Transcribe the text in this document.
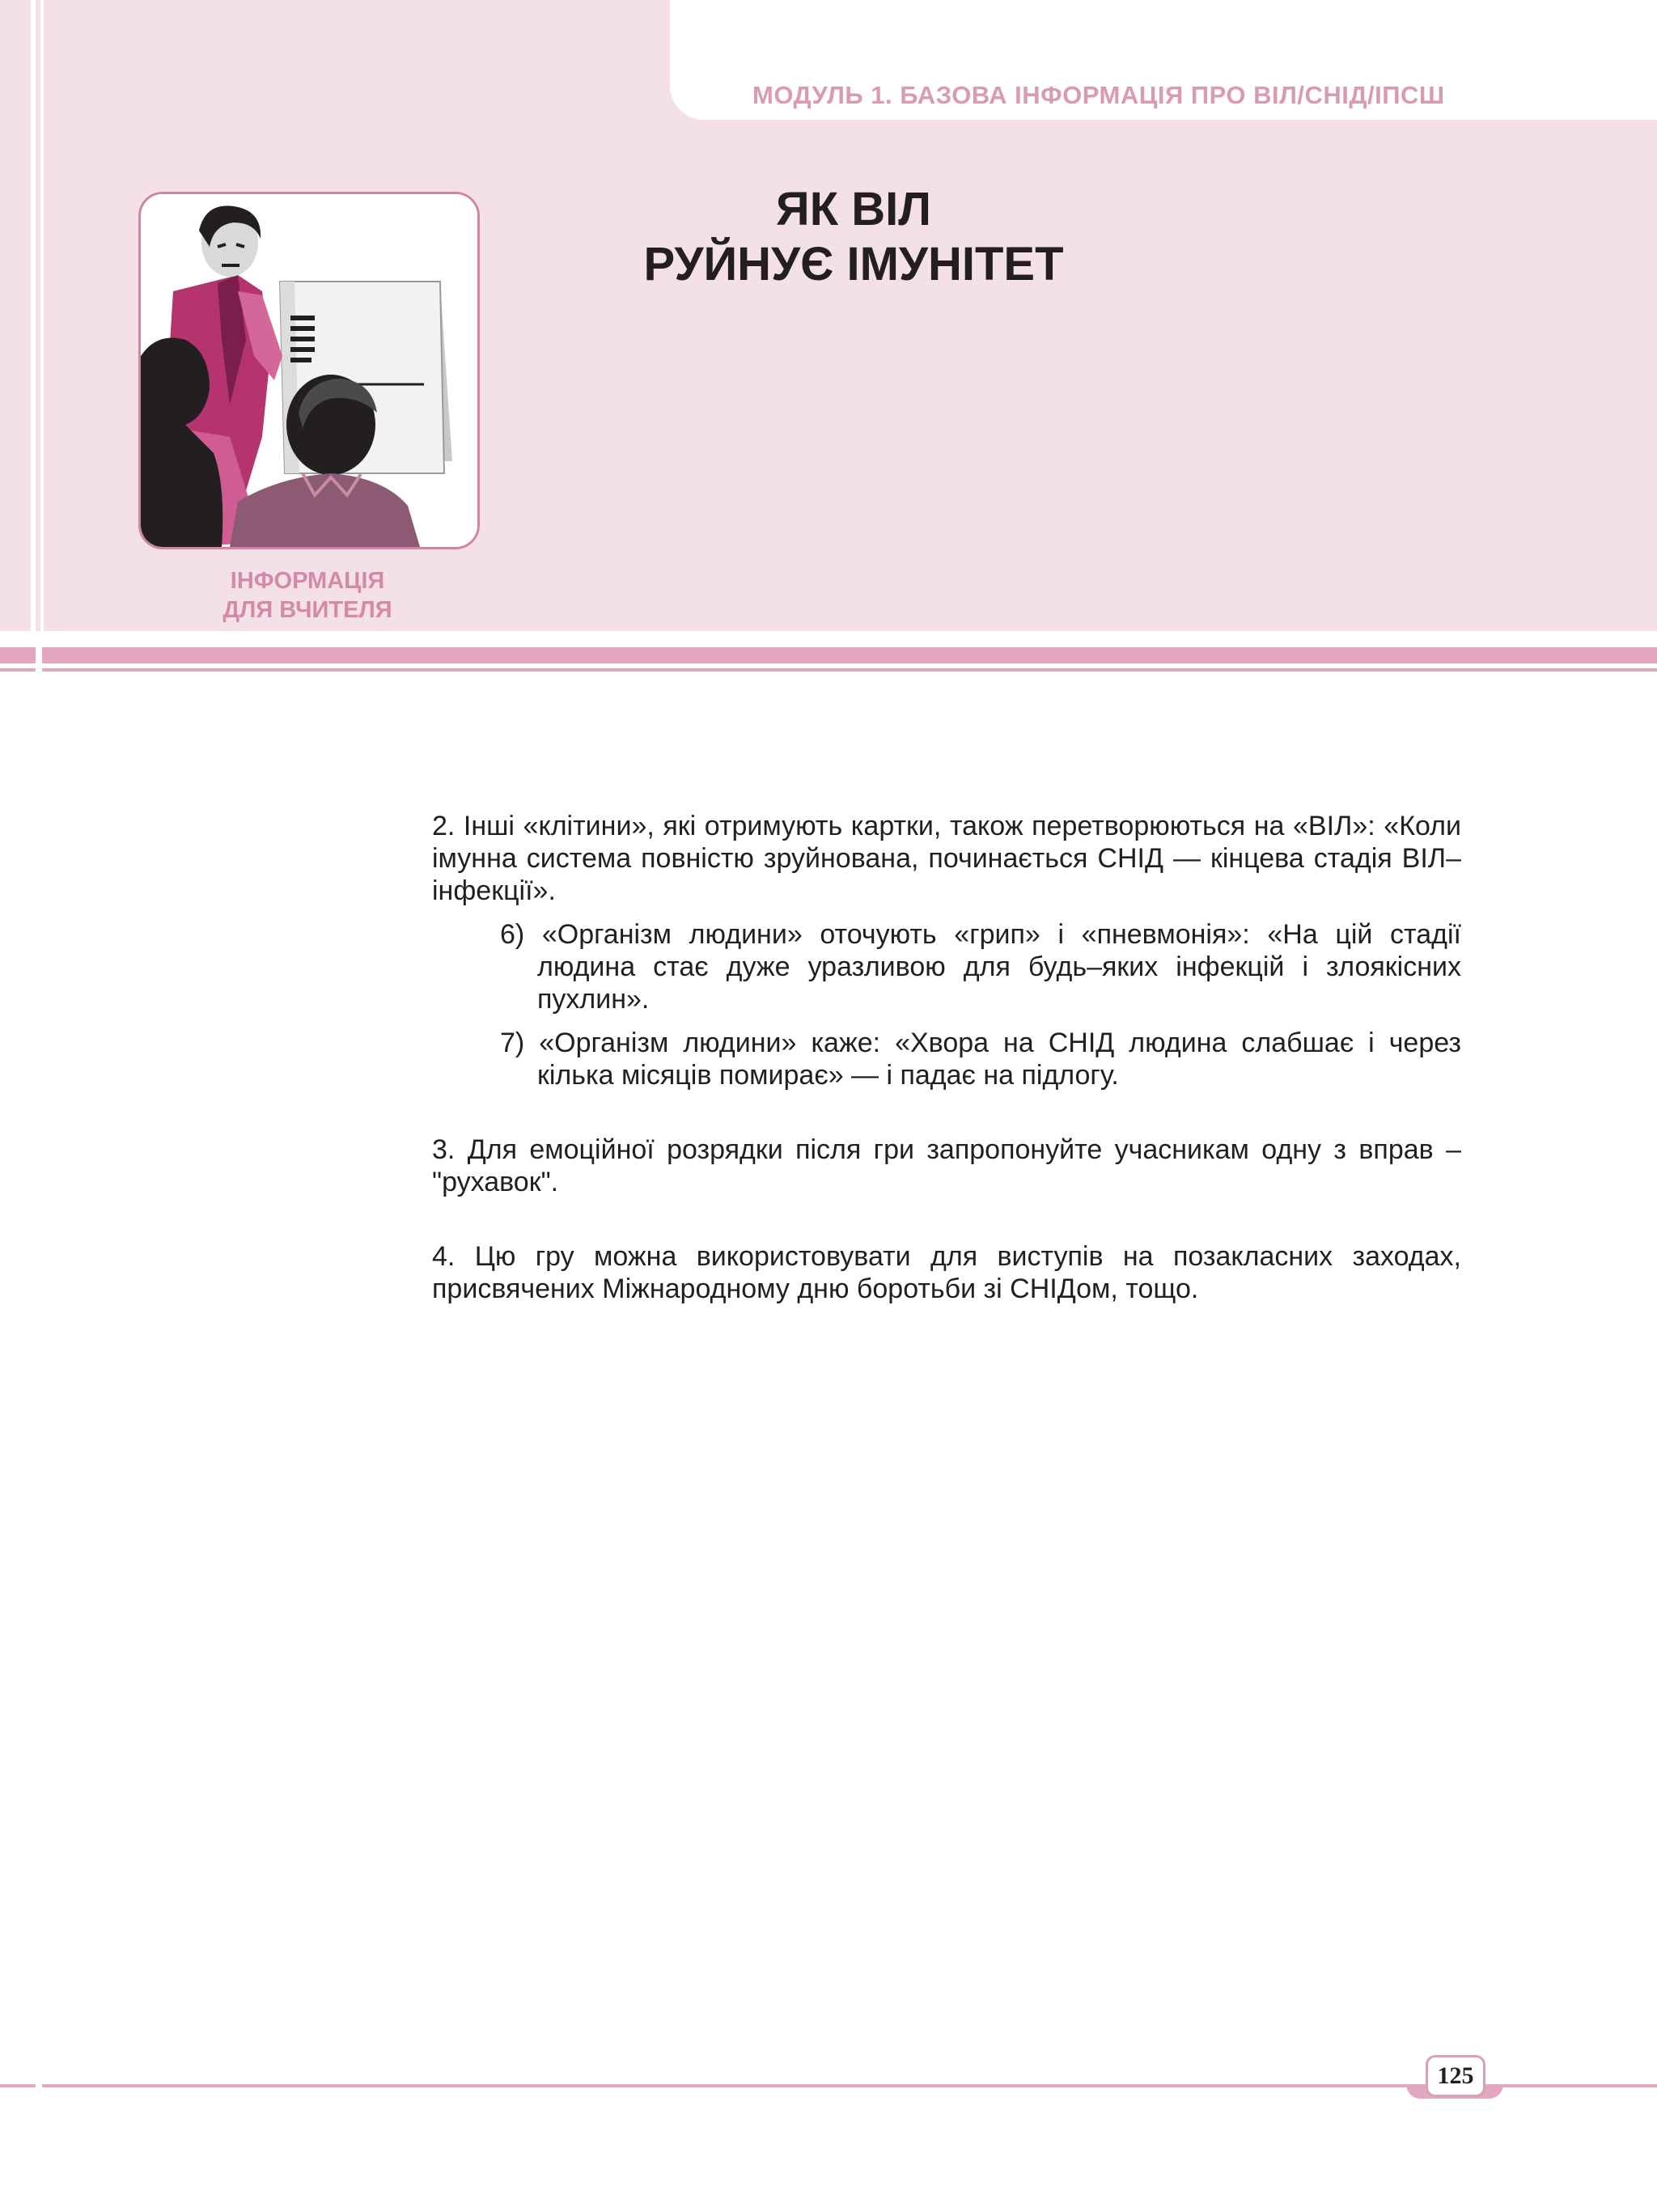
МОДУЛЬ 1. БАЗОВА ІНФОРМАЦІЯ ПРО ВІЛ/СНІД/ІПСШ
ЯК ВІЛ
РУЙНУЄ ІМУНІТЕТ
ІНФОРМАЦІЯ
ДЛЯ ВЧИТЕЛЯ

2. Інші «клітини», які отримують картки, також перетворюються на «ВІЛ»: «Коли імунна система повністю зруйнована, починається СНІД — кінцева стадія ВІЛ–інфекції».

6) «Організм людини» оточують «грип» і «пневмонія»: «На цій стадії людина стає дуже уразливою для будь–яких інфекцій і злоякісних пухлин».

7) «Організм людини» каже: «Хвора на СНІД людина слабшає і через кілька місяців помирає» — і падає на підлогу.

3. Для емоційної розрядки після гри запропонуйте учасникам одну з вправ – "рухавок".

4. Цю гру можна використовувати для виступів на позакласних заходах, присвячених Міжнародному дню боротьби зі СНІДом, тощо.

125
